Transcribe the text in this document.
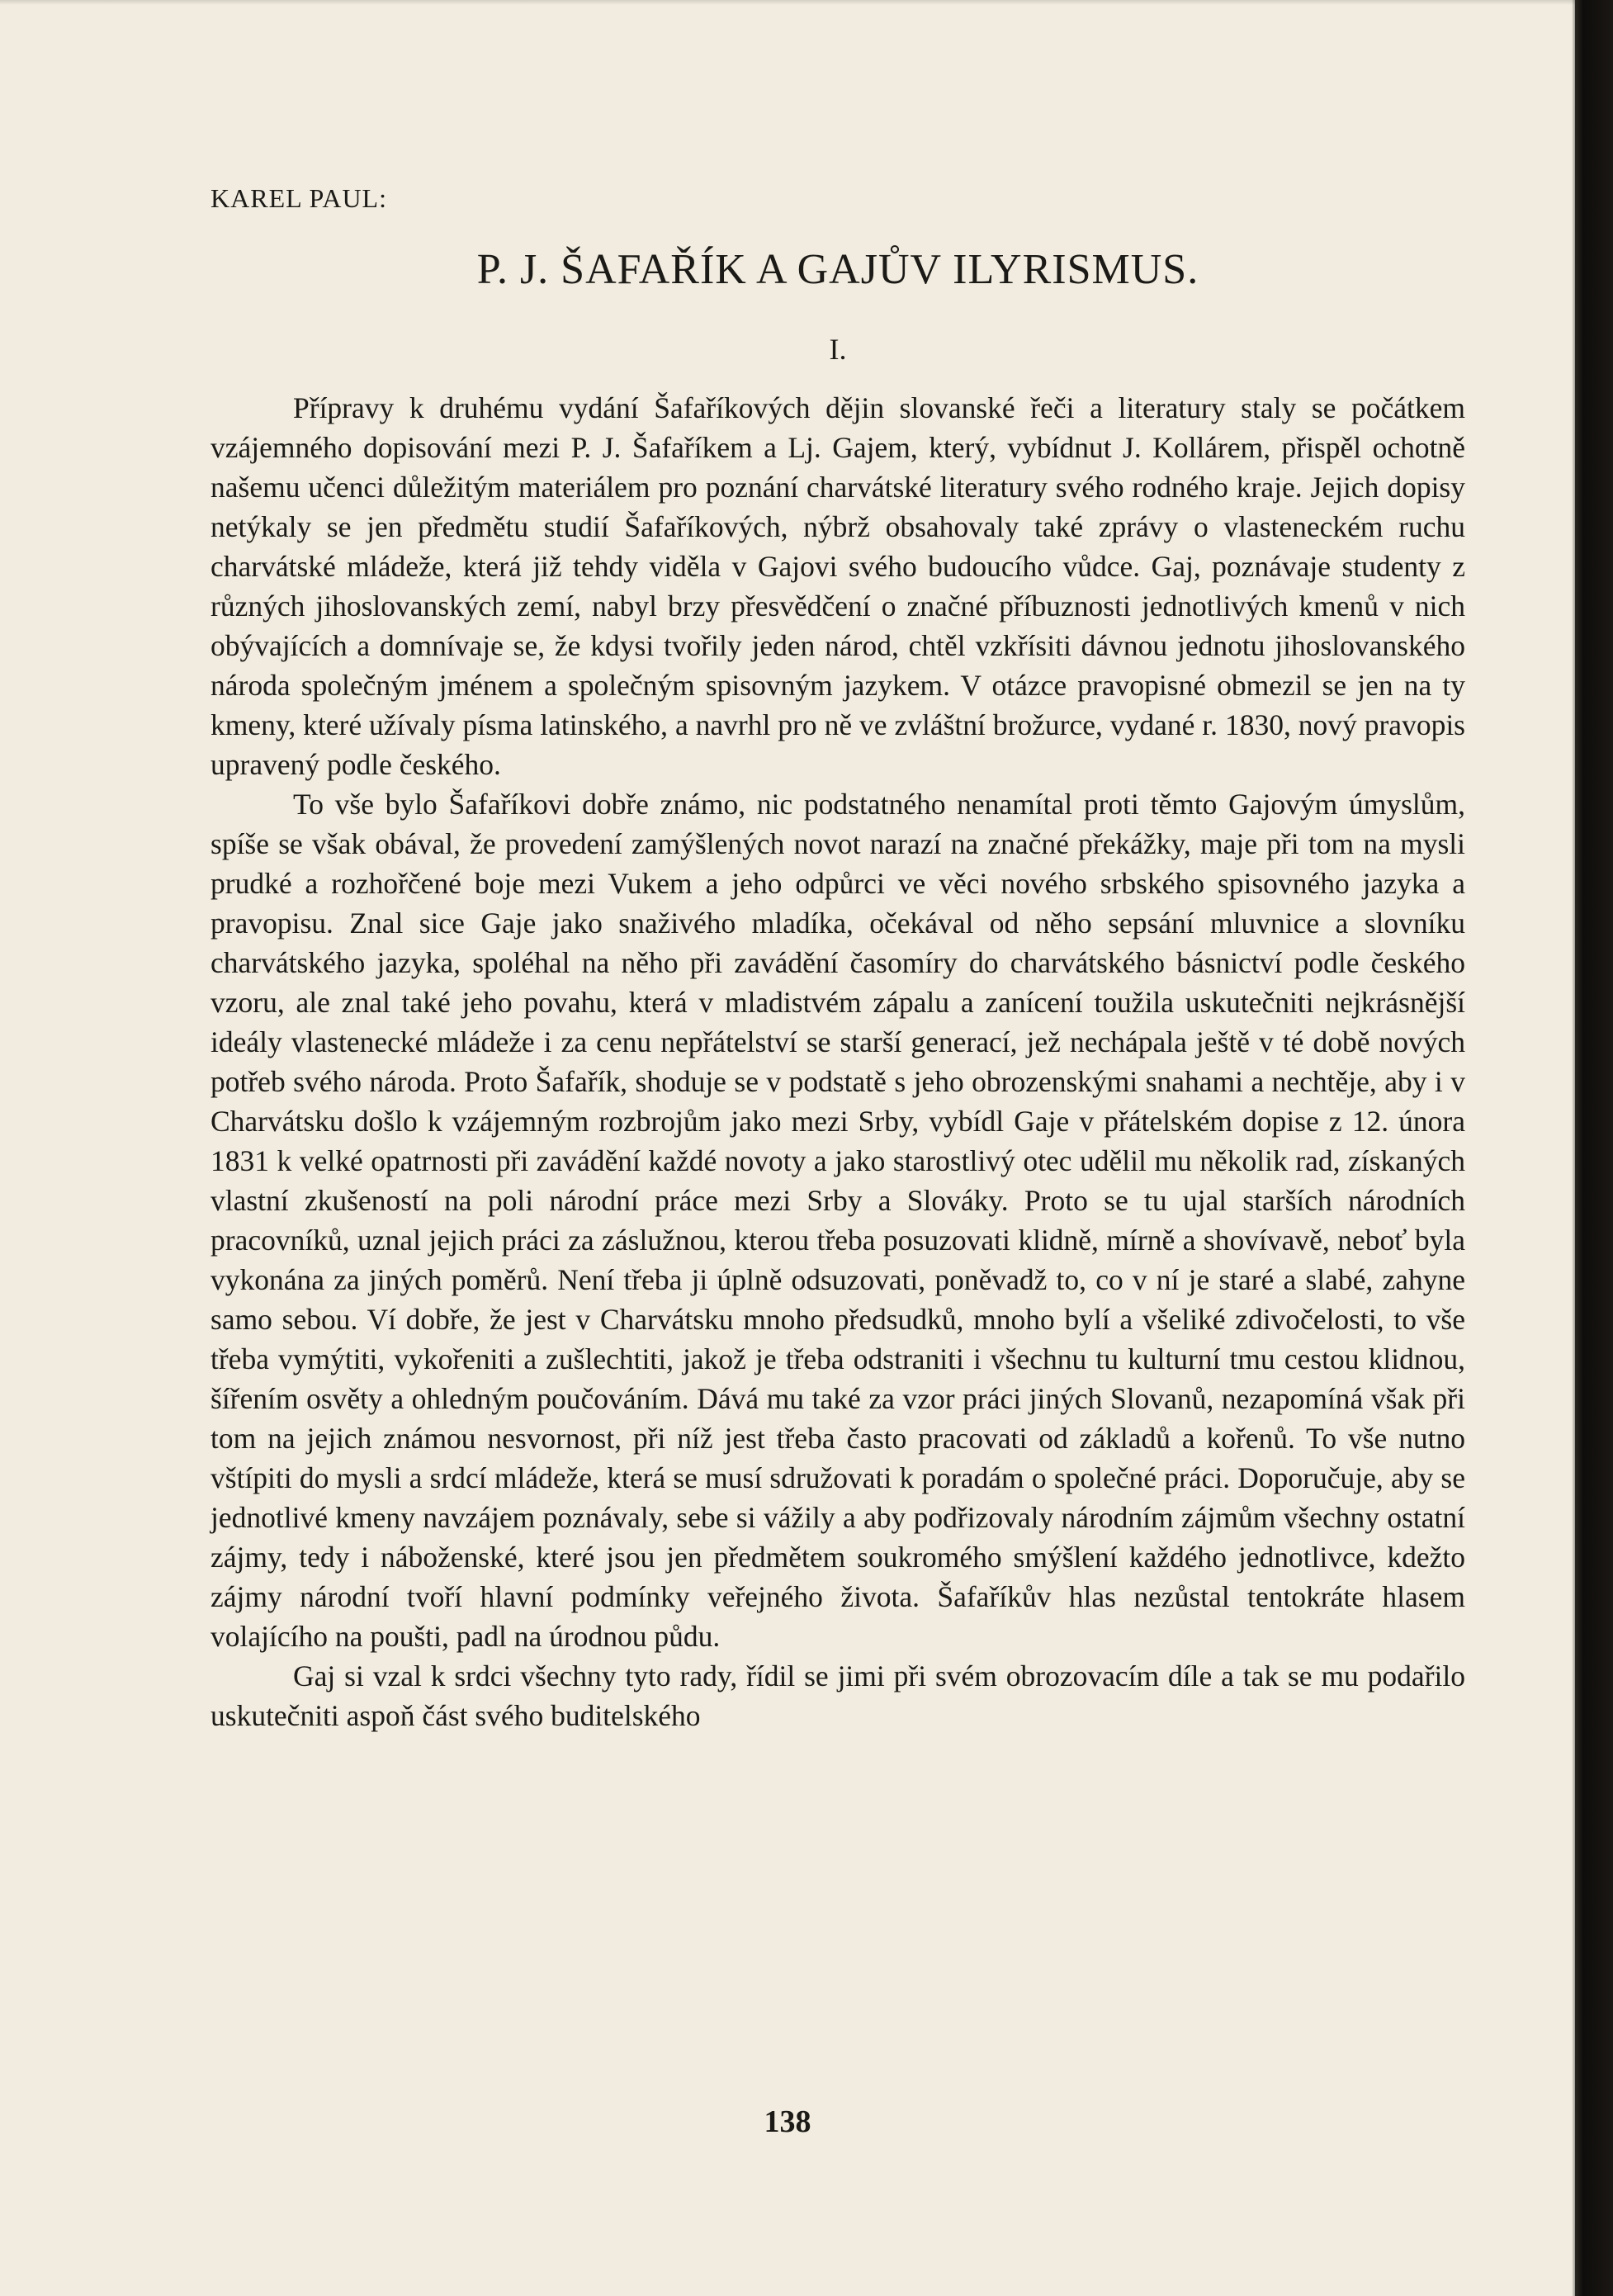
KAREL PAUL:

P. J. ŠAFAŘÍK A GAJŮV ILYRISMUS.

I.

Přípravy k druhému vydání Šafaříkových dějin slovanské řeči a literatury staly se počátkem vzájemného dopisování mezi P. J. Šafaříkem a Lj. Gajem, který, vybídnut J. Kollárem, přispěl ochotně našemu učenci důležitým materiálem pro poznání charvátské literatury svého rodného kraje. Jejich dopisy netýkaly se jen předmětu studií Šafaříkových, nýbrž obsahovaly také zprávy o vlasteneckém ruchu charvátské mládeže, která již tehdy viděla v Gajovi svého budoucího vůdce. Gaj, poznávaje studenty z různých jihoslovanských zemí, nabyl brzy přesvědčení o značné příbuznosti jednotlivých kmenů v nich obývajících a domnívaje se, že kdysi tvořily jeden národ, chtěl vzkřísiti dávnou jednotu jihoslovanského národa společným jménem a společným spisovným jazykem. V otázce pravopisné obmezil se jen na ty kmeny, které užívaly písma latinského, a navrhl pro ně ve zvláštní brožurce, vydané r. 1830, nový pravopis upravený podle českého.

To vše bylo Šafaříkovi dobře známo, nic podstatného nenamítal proti těmto Gajovým úmyslům, spíše se však obával, že provedení zamýšlených novot narazí na značné překážky, maje při tom na mysli prudké a rozhořčené boje mezi Vukem a jeho odpůrci ve věci nového srbského spisovného jazyka a pravopisu. Znal sice Gaje jako snaživého mladíka, očekával od něho sepsání mluvnice a slovníku charvátského jazyka, spoléhal na něho při zavádění časomíry do charvátského básnictví podle českého vzoru, ale znal také jeho povahu, která v mladistvém zápalu a zanícení toužila uskutečniti nejkrásnější ideály vlastenecké mládeže i za cenu nepřátelství se starší generací, jež nechápala ještě v té době nových potřeb svého národa. Proto Šafařík, shoduje se v podstatě s jeho obrozenskými snahami a nechtěje, aby i v Charvátsku došlo k vzájemným rozbrojům jako mezi Srby, vybídl Gaje v přátelském dopise z 12. února 1831 k velké opatrnosti při zavádění každé novoty a jako starostlivý otec udělil mu několik rad, získaných vlastní zkušeností na poli národní práce mezi Srby a Slováky. Proto se tu ujal starších národních pracovníků, uznal jejich práci za záslužnou, kterou třeba posuzovati klidně, mírně a shovívavě, neboť byla vykonána za jiných poměrů. Není třeba ji úplně odsuzovati, poněvadž to, co v ní je staré a slabé, zahyne samo sebou. Ví dobře, že jest v Charvátsku mnoho předsudků, mnoho bylí a všeliké zdivočelosti, to vše třeba vymýtiti, vykořeniti a zušlechtiti, jakož je třeba odstraniti i všechnu tu kulturní tmu cestou klidnou, šířením osvěty a ohledným poučováním. Dává mu také za vzor práci jiných Slovanů, nezapomíná však při tom na jejich známou nesvornost, při níž jest třeba často pracovati od základů a kořenů. To vše nutno vštípiti do mysli a srdcí mládeže, která se musí sdružovati k poradám o společné práci. Doporučuje, aby se jednotlivé kmeny navzájem poznávaly, sebe si vážily a aby podřizovaly národním zájmům všechny ostatní zájmy, tedy i náboženské, které jsou jen předmětem soukromého smýšlení každého jednotlivce, kdežto zájmy národní tvoří hlavní podmínky veřejného života. Šafaříkův hlas nezůstal tentokráte hlasem volajícího na poušti, padl na úrodnou půdu.

Gaj si vzal k srdci všechny tyto rady, řídil se jimi při svém obrozovacím díle a tak se mu podařilo uskutečniti aspoň část svého buditelského

138
